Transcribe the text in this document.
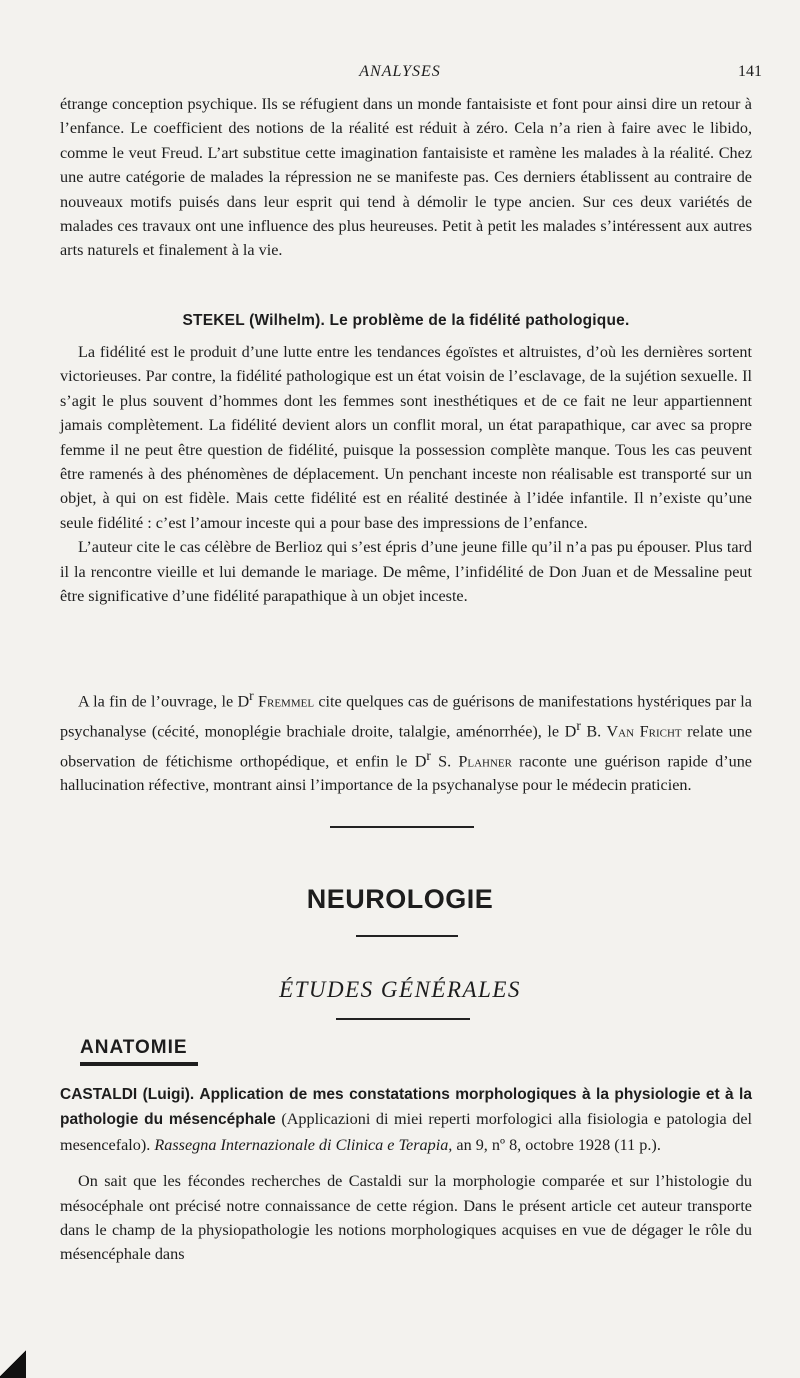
ANALYSES	141

étrange conception psychique. Ils se réfugient dans un monde fantaisiste et font pour ainsi dire un retour à l’enfance. Le coefficient des notions de la réalité est réduit à zéro. Cela n’a rien à faire avec le libido, comme le veut Freud. L’art substitue cette imagination fantaisiste et ramène les malades à la réalité. Chez une autre catégorie de malades la répression ne se manifeste pas. Ces derniers établissent au contraire de nouveaux motifs puisés dans leur esprit qui tend à démolir le type ancien. Sur ces deux variétés de malades ces travaux ont une influence des plus heureuses. Petit à petit les malades s’intéressent aux autres arts naturels et finalement à la vie.

STEKEL (Wilhelm). Le problème de la fidélité pathologique.

La fidélité est le produit d’une lutte entre les tendances égoïstes et altruistes, d’où les dernières sortent victorieuses. Par contre, la fidélité pathologique est un état voisin de l’esclavage, de la sujétion sexuelle. Il s’agit le plus souvent d’hommes dont les femmes sont inesthétiques et de ce fait ne leur appartiennent jamais complètement. La fidélité devient alors un conflit moral, un état parapathique, car avec sa propre femme il ne peut être question de fidélité, puisque la possession complète manque. Tous les cas peuvent être ramenés à des phénomènes de déplacement. Un penchant inceste non réalisable est transporté sur un objet, à qui on est fidèle. Mais cette fidélité est en réalité destinée à l’idée infantile. Il n’existe qu’une seule fidélité : c’est l’amour inceste qui a pour base des impressions de l’enfance.

L’auteur cite le cas célèbre de Berlioz qui s’est épris d’une jeune fille qu’il n’a pas pu épouser. Plus tard il la rencontre vieille et lui demande le mariage. De même, l’infidélité de Don Juan et de Messaline peut être significative d’une fidélité parapathique à un objet inceste.

A la fin de l’ouvrage, le $D^r$ Fremmel cite quelques cas de guérisons de manifestations hystériques par la psychanalyse (cécité, monoplégie brachiale droite, talalgie, aménorrhée), le $D^r$ B. Van Fricht relate une observation de fétichisme orthopédique, et enfin le $D^r$ S. Plahner raconte une guérison rapide d’une hallucination réfective, montrant ainsi l’importance de la psychanalyse pour le médecin praticien.

NEUROLOGIE
ÉTUDES GÉNÉRALES
ANATOMIE

CASTALDI (Luigi). Application de mes constatations morphologiques à la physiologie et à la pathologie du mésencéphale (Applicazioni di miei reperti morfologici alla fisiologia e patologia del mesencefalo). Rassegna Internazionale di Clinica e Terapia, an 9, nº 8, octobre 1928 (11 p.).

On sait que les fécondes recherches de Castaldi sur la morphologie comparée et sur l’histologie du mésocéphale ont précisé notre connaissance de cette région. Dans le présent article cet auteur transporte dans le champ de la physiopathologie les notions morphologiques acquises en vue de dégager le rôle du mésencéphale dans
